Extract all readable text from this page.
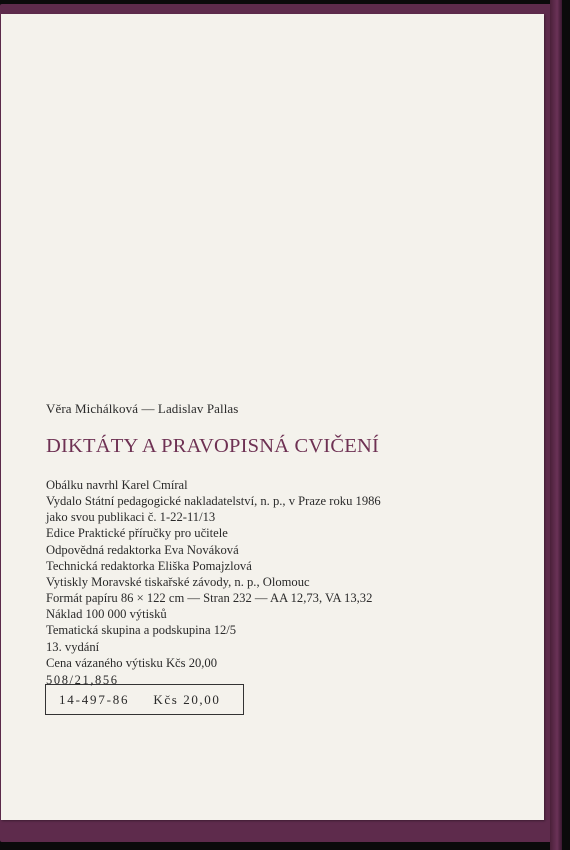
Věra Michálková — Ladislav Pallas

DIKTÁTY A PRAVOPISNÁ CVIČENÍ
Obálku navrhl Karel Cmíral
Vydalo Státní pedagogické nakladatelství, n. p., v Praze roku 1986
jako svou publikaci č. 1-22-11/13
Edice Praktické příručky pro učitele
Odpovědná redaktorka Eva Nováková
Technická redaktorka Eliška Pomajzlová
Vytiskly Moravské tiskařské závody, n. p., Olomouc
Formát papíru 86 × 122 cm — Stran 232 — AA 12,73, VA 13,32
Náklad 100 000 výtisků
Tematická skupina a podskupina 12/5
13. vydání
Cena vázaného výtisku Kčs 20,00
508/21,856
14-497-86 Kčs 20,00
